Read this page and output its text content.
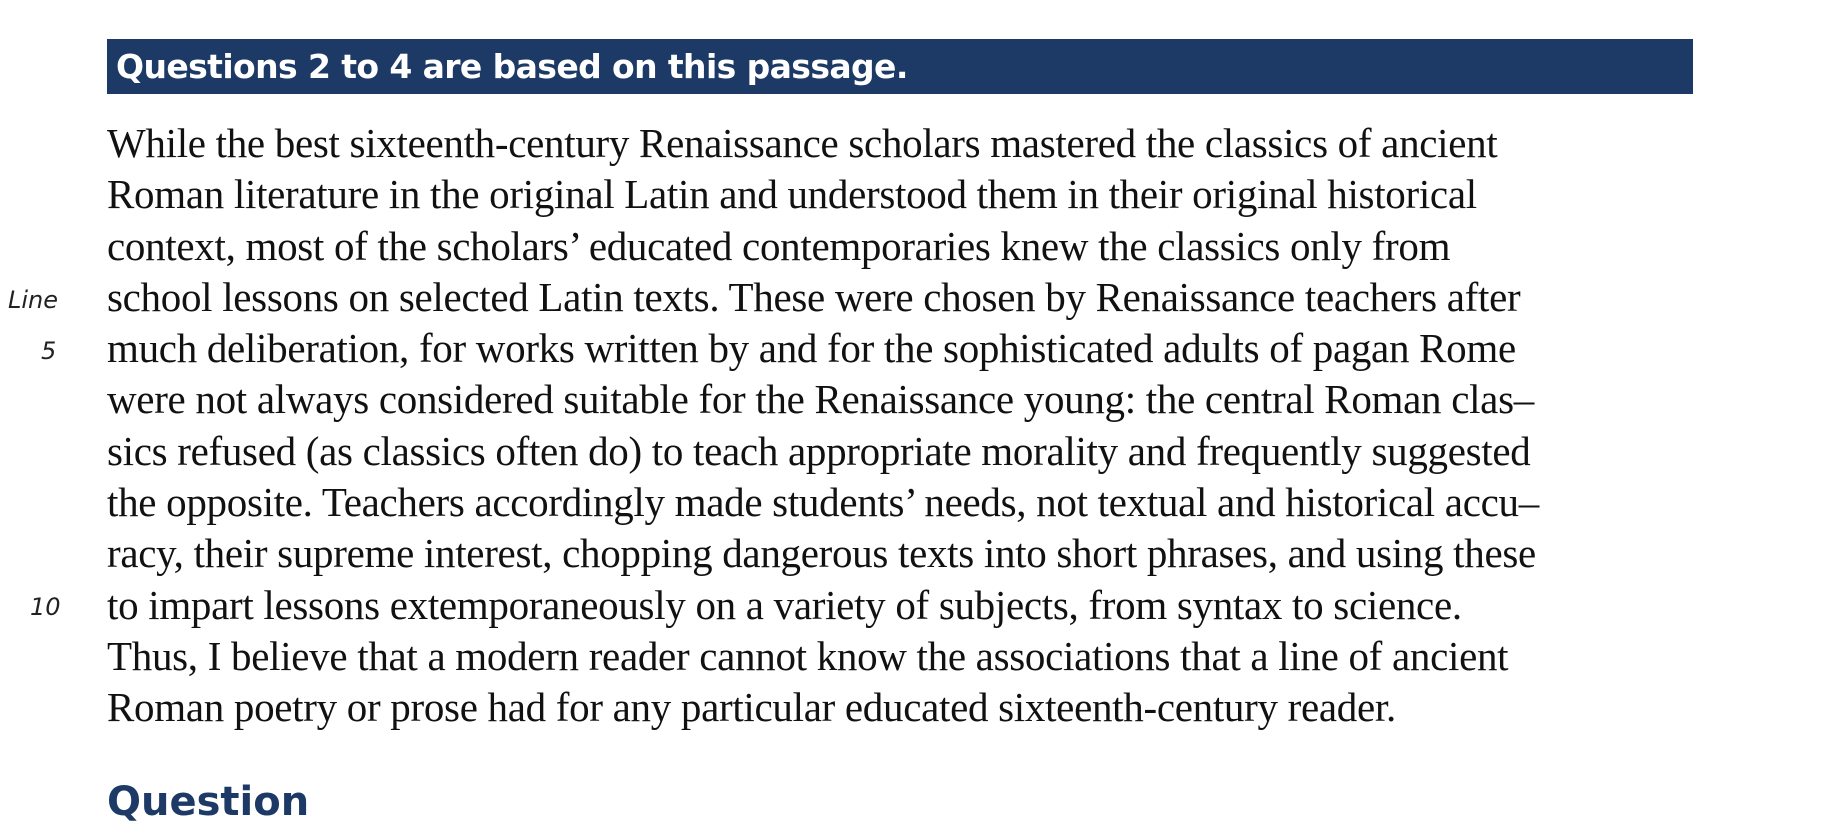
Questions 2 to 4 are based on this passage.
Line
5
10
While the best sixteenth-century Renaissance scholars mastered the classics of ancient
Roman literature in the original Latin and understood them in their original historical
context, most of the scholars’ educated contemporaries knew the classics only from
school lessons on selected Latin texts. These were chosen by Renaissance teachers after
much deliberation, for works written by and for the sophisticated adults of pagan Rome
were not always considered suitable for the Renaissance young: the central Roman clas–
sics refused (as classics often do) to teach appropriate morality and frequently suggested
the opposite. Teachers accordingly made students’ needs, not textual and historical accu–
racy, their supreme interest, chopping dangerous texts into short phrases, and using these
to impart lessons extemporaneously on a variety of subjects, from syntax to science.
Thus, I believe that a modern reader cannot know the associations that a line of ancient
Roman poetry or prose had for any particular educated sixteenth-century reader.
Question
